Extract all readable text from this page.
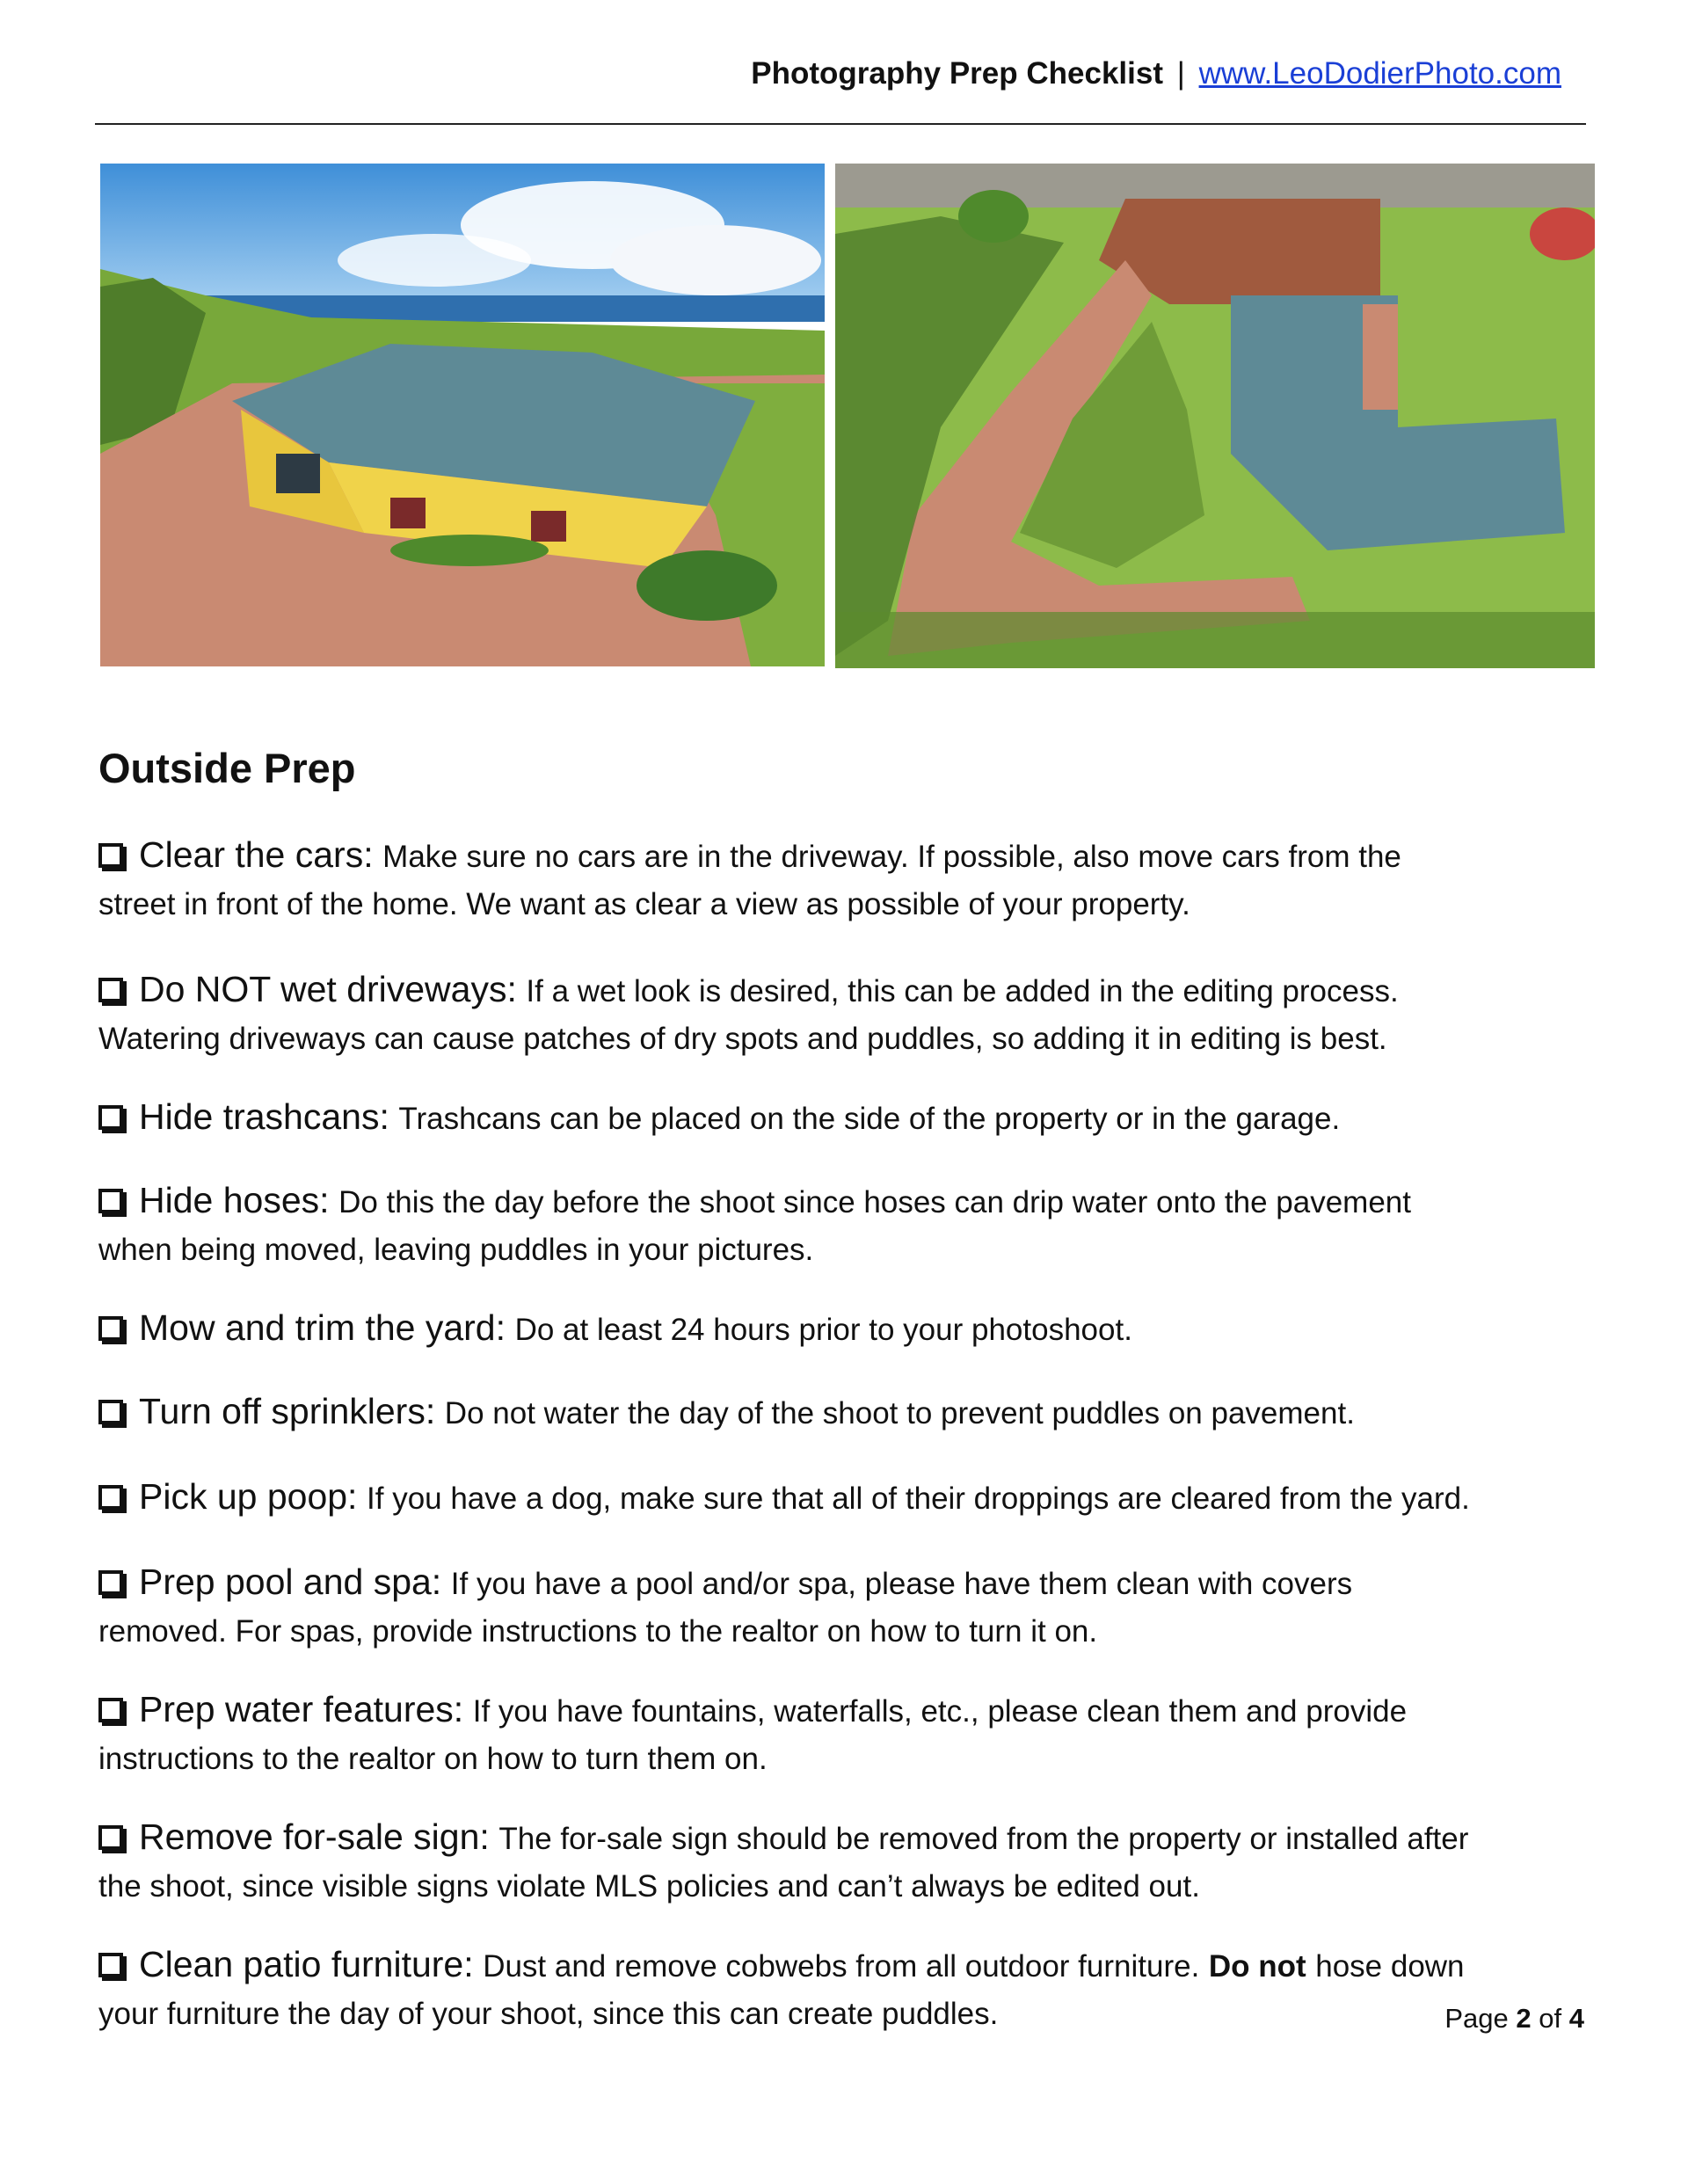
Photography Prep Checklist | www.LeoDodierPhoto.com
Outside Prep
Clear the cars: Make sure no cars are in the driveway. If possible, also move cars from the
street in front of the home. We want as clear a view as possible of your property.
Do NOT wet driveways: If a wet look is desired, this can be added in the editing process.
Watering driveways can cause patches of dry spots and puddles, so adding it in editing is best.
Hide trashcans: Trashcans can be placed on the side of the property or in the garage.
Hide hoses: Do this the day before the shoot since hoses can drip water onto the pavement
when being moved, leaving puddles in your pictures.
Mow and trim the yard: Do at least 24 hours prior to your photoshoot.
Turn off sprinklers: Do not water the day of the shoot to prevent puddles on pavement.
Pick up poop: If you have a dog, make sure that all of their droppings are cleared from the yard.
Prep pool and spa: If you have a pool and/or spa, please have them clean with covers
removed. For spas, provide instructions to the realtor on how to turn it on.
Prep water features: If you have fountains, waterfalls, etc., please clean them and provide
instructions to the realtor on how to turn them on.
Remove for-sale sign: The for-sale sign should be removed from the property or installed after
the shoot, since visible signs violate MLS policies and can’t always be edited out.
Clean patio furniture: Dust and remove cobwebs from all outdoor furniture. Do not hose down
your furniture the day of your shoot, since this can create puddles.	Page 2 of 4
